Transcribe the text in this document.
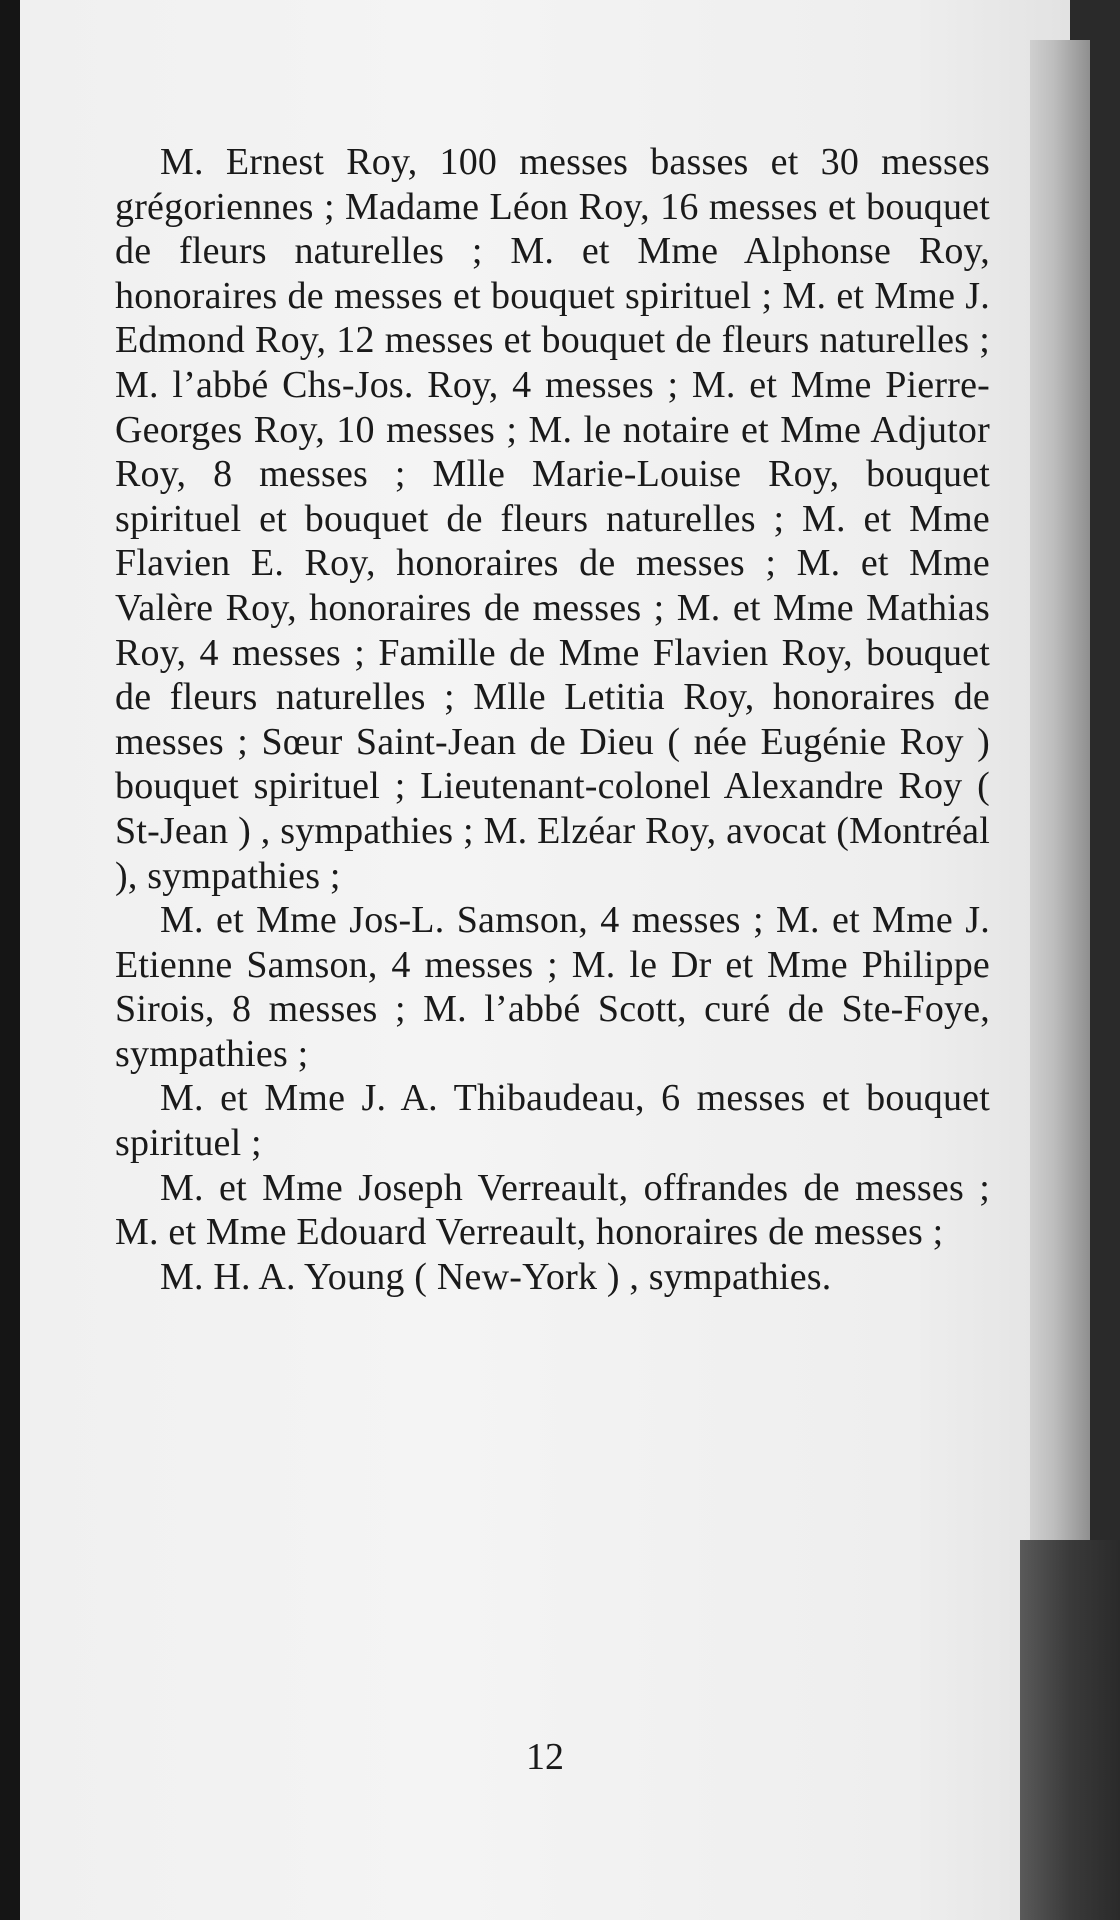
M. Ernest Roy, 100 messes basses et 30 messes grégoriennes ; Madame Léon Roy, 16 messes et bouquet de fleurs naturelles ; M. et Mme Alphonse Roy, honoraires de messes et bouquet spirituel ; M. et Mme J. Edmond Roy, 12 messes et bouquet de fleurs naturelles ; M. l’abbé Chs-Jos. Roy, 4 messes ; M. et Mme Pierre-Georges Roy, 10 messes ; M. le notaire et Mme Adjutor Roy, 8 messes ; Mlle Marie-Louise Roy, bouquet spirituel et bouquet de fleurs naturelles ; M. et Mme Flavien E. Roy, honoraires de messes ; M. et Mme Valère Roy, honoraires de messes ; M. et Mme Mathias Roy, 4 messes ; Famille de Mme Flavien Roy, bouquet de fleurs naturelles ; Mlle Letitia Roy, honoraires de messes ; Sœur Saint-Jean de Dieu ( née Eugénie Roy ) bouquet spirituel ; Lieutenant-colonel Alexandre Roy ( St-Jean ) , sympathies ; M. Elzéar Roy, avocat (Montréal ), sympathies ;

M. et Mme Jos-L. Samson, 4 messes ; M. et Mme J. Etienne Samson, 4 messes ; M. le Dr et Mme Philippe Sirois, 8 messes ; M. l’abbé Scott, curé de Ste-Foye, sympathies ;

M. et Mme J. A. Thibaudeau, 6 messes et bouquet spirituel ;

M. et Mme Joseph Verreault, offrandes de messes ; M. et Mme Edouard Verreault, honoraires de messes ;

M. H. A. Young ( New-York ) , sympathies.

12
